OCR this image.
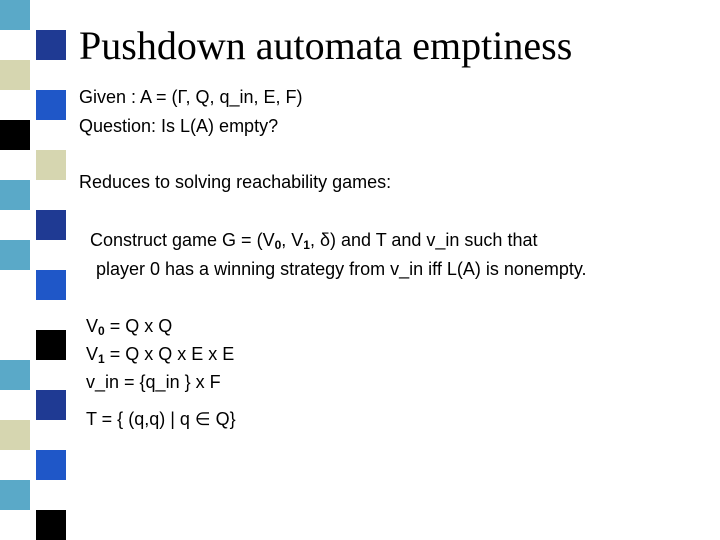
Pushdown automata emptiness
Given : A = (Γ, Q, q_in, E, F)
Question: Is L(A) empty?
Reduces to solving reachability games:
Construct game $G = (V_0$, $V_1$, δ) and T and v_in such that
player 0 has a winning strategy from v_in iff L(A) is nonempty.
$V_0 = Q$ x Q
$V_1 = Q$ x Q x E x E
v_in = {q_in } x F
T = { (q,q) | q ∈ Q}
